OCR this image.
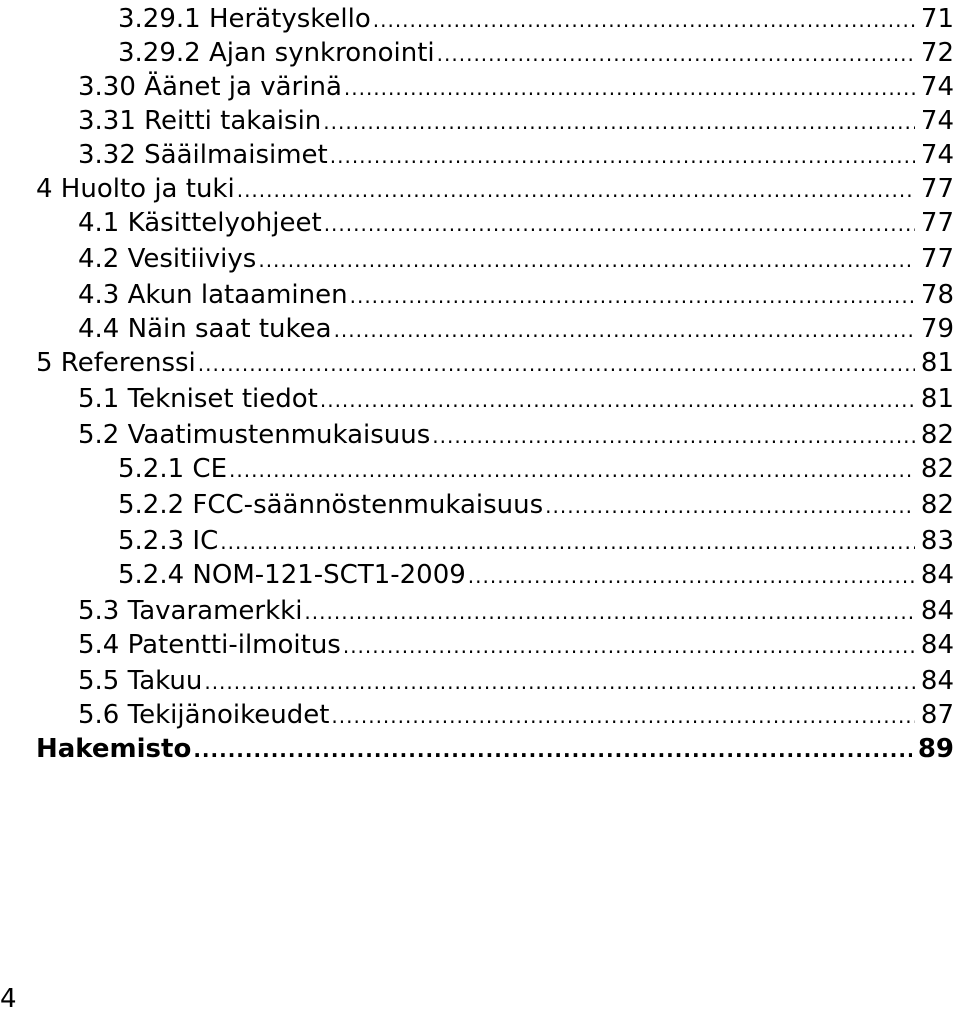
3.29.1 Herätyskello .....	71
3.29.2 Ajan synkronointi .....	72
3.30 Äänet ja värinä .....	74
3.31 Reitti takaisin .....	74
3.32 Sääilmaisimet .....	74
4 Huolto ja tuki .....	77
4.1 Käsittelyohjeet .....	77
4.2 Vesitiiviys .....	77
4.3 Akun lataaminen .....	78
4.4 Näin saat tukea .....	79
5 Referenssi .....	81
5.1 Tekniset tiedot .....	81
5.2 Vaatimustenmukaisuus .....	82
5.2.1 CE .....	82
5.2.2 FCC-säännöstenmukaisuus .....	82
5.2.3 IC .....	83
5.2.4 NOM-121-SCT1-2009 .....	84
5.3 Tavaramerkki .....	84
5.4 Patentti-ilmoitus .....	84
5.5 Takuu .....	84
5.6 Tekijänoikeudet .....	87
Hakemisto .....	89
4
